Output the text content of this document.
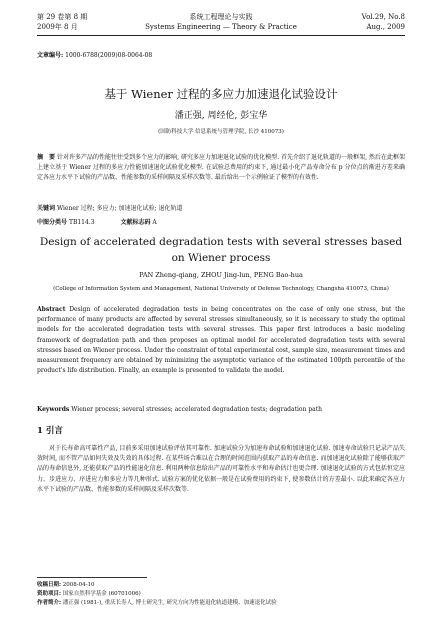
第 29 卷第 8 期	系统工程理论与实践	Vol.29, No.8
2009年 8 月	Systems Engineering — Theory & Practice	Aug., 2009
文章编号: 1000-6788(2009)08-0064-08
基于 Wiener 过程的多应力加速退化试验设计
潘正强, 周经伦, 彭宝华
(国防科技大学 信息系统与管理学院, 长沙 410073)
摘　要 针对许多产品的性能往往受到多个应力的影响, 研究多应力加速退化试验的优化模型. 首先介绍了退化轨道的一般框架, 然后在此框架上建立基于 Wiener 过程的多应力性能加速退化试验优化模型. 在试验总费用的约束下, 通过最小化产品寿命分布 p 分位点的渐进方差来确定各应力水平下试验的产品数、性能参数的采样间隔及采样次数等. 最后给出一个示例验证了模型的有效性.
关键词 Wiener 过程; 多应力; 加速退化试验; 退化轨道
中图分类号 TB114.3	文献标志码 A
Design of accelerated degradation tests with several stresses based on Wiener process
PAN Zheng-qiang, ZHOU Jing-lun, PENG Bao-hua
(College of Information System and Management, National University of Defense Technology, Changsha 410073, China)
Abstract Design of accelerated degradation tests in being concentrates on the case of only one stress, but the performance of many products are affected by several stresses simultaneously, so it is necessary to study the optimal models for the accelerated degradation tests with several stresses. This paper first introduces a basic modeling framework of degradation path and then proposes an optimal model for accelerated degradation tests with several stresses based on Wiener process. Under the constraint of total experimental cost, sample size, measurement times and measurement frequency are obtained by minimizing the asymptotic variance of the estimated 100pth percentile of the product's life distribution. Finally, an example is presented to validate the model.
Keywords Wiener process; several stresses; accelerated degradation tests; degradation path
1 引言
对于长寿命高可靠性产品, 目前多采用加速试验评估其可靠性. 加速试验分为加速寿命试验和加速退化试验. 加速寿命试验只记录产品失效时间, 而不管产品如何失效及失效的具体过程. 在某些场合难以在合理的时间范围内获取产品的寿命信息. 而加速退化试验除了能够获取产品的寿命信息外, 还能获取产品的性能退化信息. 利用两种信息给出产品的可靠性水平和寿命估计也更合理. 加速退化试验的方式包括恒定应力、步进应力、序进应力和多应力等几种形式. 试验方案的优化依据一般是在试验费用的约束下, 使参数估计的方差最小. 以此来确定各应力水平下试验的产品数、性能参数的采样间隔及采样次数等.
收稿日期: 2008-04-10
资助项目: 国家自然科学基金 (60701006)
作者简介: 潘正强 (1981-), 重庆长寿人, 博士研究生, 研究方向为性能退化轨道建模、加速退化试验
